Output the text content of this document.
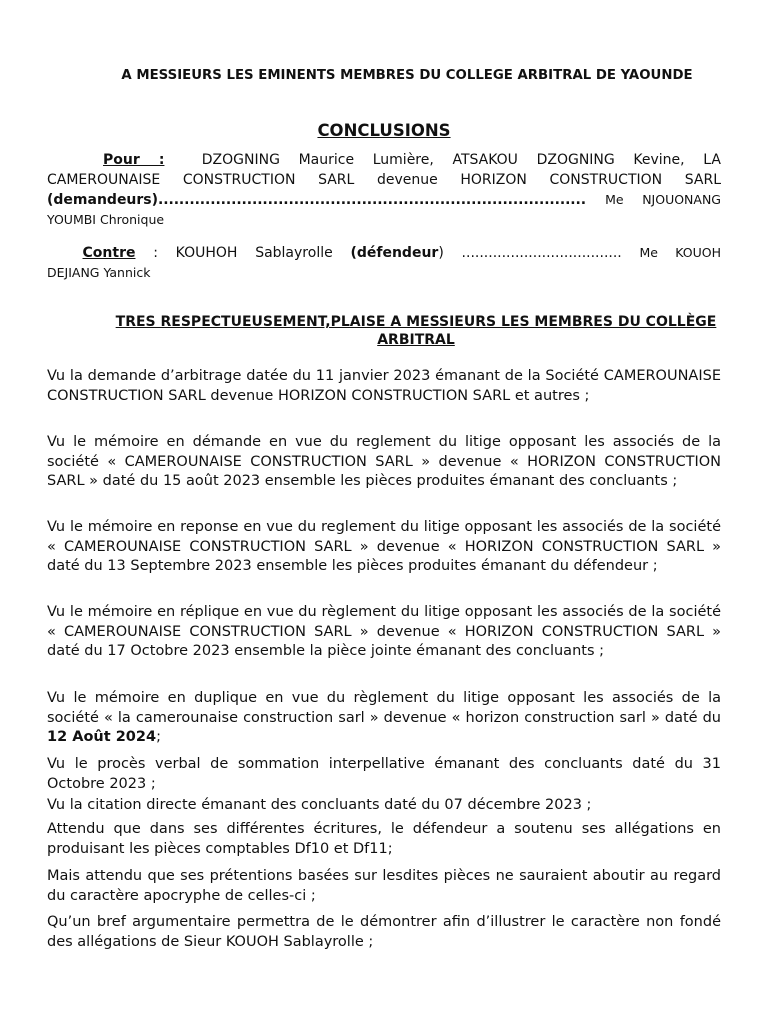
A MESSIEURS LES EMINENTS MEMBRES DU COLLEGE ARBITRAL DE YAOUNDE
CONCLUSIONS
Pour :	DZOGNING Maurice Lumière, ATSAKOU DZOGNING Kevine, LA
CAMEROUNAISE CONSTRUCTION SARL devenue HORIZON CONSTRUCTION SARL
(demandeurs).................................................................................. Me NJOUONANG
YOUMBI Chronique
Contre : KOUHOH Sablayrolle (défendeur) .................................... Me KOUOH
DEJIANG Yannick
TRES RESPECTUEUSEMENT,PLAISE A MESSIEURS LES MEMBRES DU COLLÈGE ARBITRAL
Vu la demande d’arbitrage datée du 11 janvier 2023 émanant de la Société CAMEROUNAISE CONSTRUCTION SARL devenue HORIZON CONSTRUCTION SARL et autres ;
Vu le mémoire en démande en vue du reglement du litige opposant les associés de la société « CAMEROUNAISE CONSTRUCTION SARL » devenue « HORIZON CONSTRUCTION SARL » daté du 15 août 2023 ensemble les pièces produites émanant des concluants ;
Vu le mémoire en reponse en vue du reglement du litige opposant les associés de la société « CAMEROUNAISE CONSTRUCTION SARL » devenue « HORIZON CONSTRUCTION SARL » daté du 13 Septembre 2023 ensemble les pièces produites émanant du défendeur ;
Vu le mémoire en réplique en vue du règlement du litige opposant les associés de la société « CAMEROUNAISE CONSTRUCTION SARL » devenue « HORIZON CONSTRUCTION SARL » daté du 17 Octobre 2023 ensemble la pièce jointe émanant des concluants ;
Vu le mémoire en duplique en vue du règlement du litige opposant les associés de la société « la camerounaise construction sarl » devenue « horizon construction sarl » daté du 12 Août 2024;
Vu le procès verbal de sommation interpellative émanant des concluants daté du 31 Octobre 2023 ;
Vu la citation directe émanant des concluants daté du 07 décembre 2023 ;
Attendu que dans ses différentes écritures, le défendeur a soutenu ses allégations en produisant les pièces comptables Df10 et Df11;
Mais attendu que ses prétentions basées sur lesdites pièces ne sauraient aboutir au regard du caractère apocryphe de celles-ci ;
Qu’un bref argumentaire permettra de le démontrer afin d’illustrer le caractère non fondé des allégations de Sieur KOUOH Sablayrolle ;
